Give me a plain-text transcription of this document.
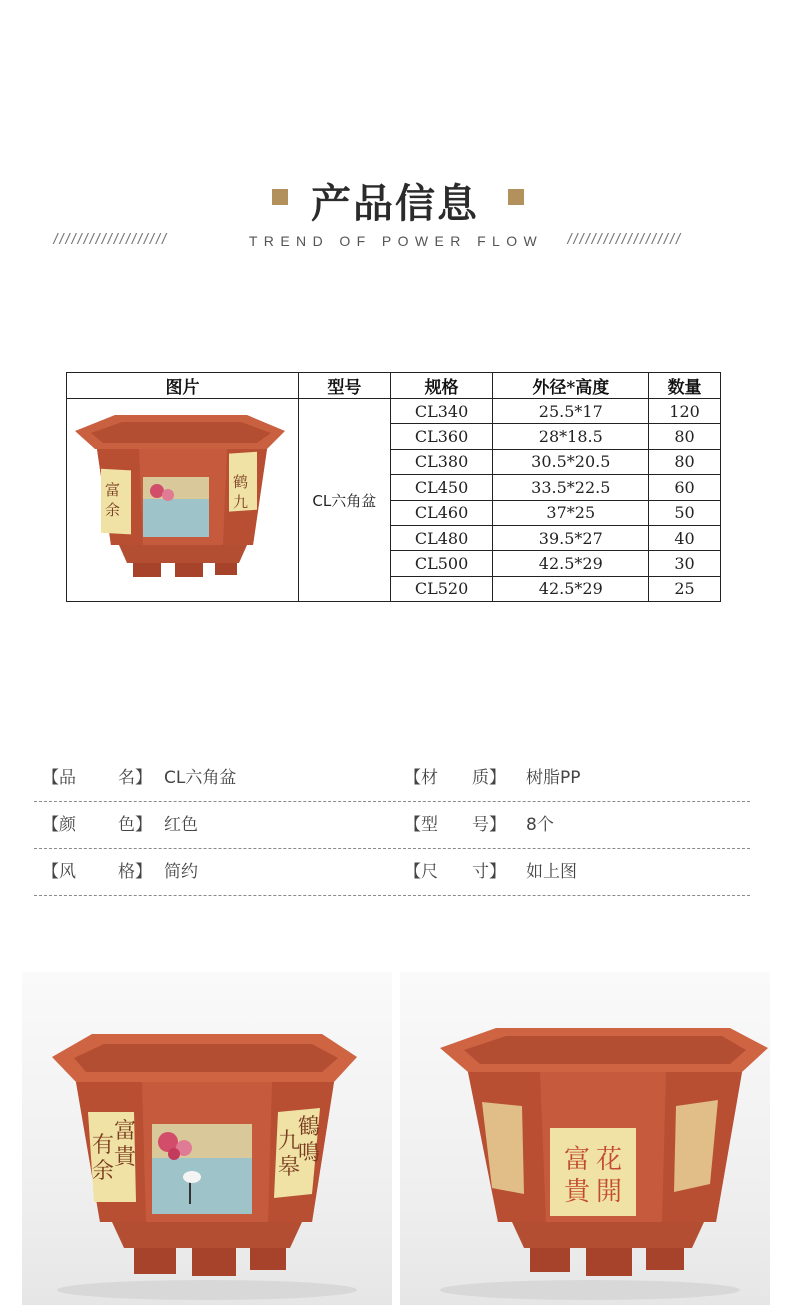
产品信息
///////////////////	TREND OF POWER FLOW	///////////////////
图片	型号	规格	外径*高度	数量

富
余
鹤
九	CL六角盆	CL340	25.5*17	120
		CL360	28*18.5	80
		CL380	30.5*20.5	80
		CL450	33.5*22.5	60
		CL460	37*25	50
		CL480	39.5*27	40
		CL500	42.5*29	30
		CL520	42.5*29	25
【品 名】 CL六角盆	【材 质】 树脂PP
【颜 色】 红色	【型 号】 8个
【风 格】 简约	【尺 寸】 如上图
富
貴
有
余
鶴
鳴
九
皋	花
開
富
貴
